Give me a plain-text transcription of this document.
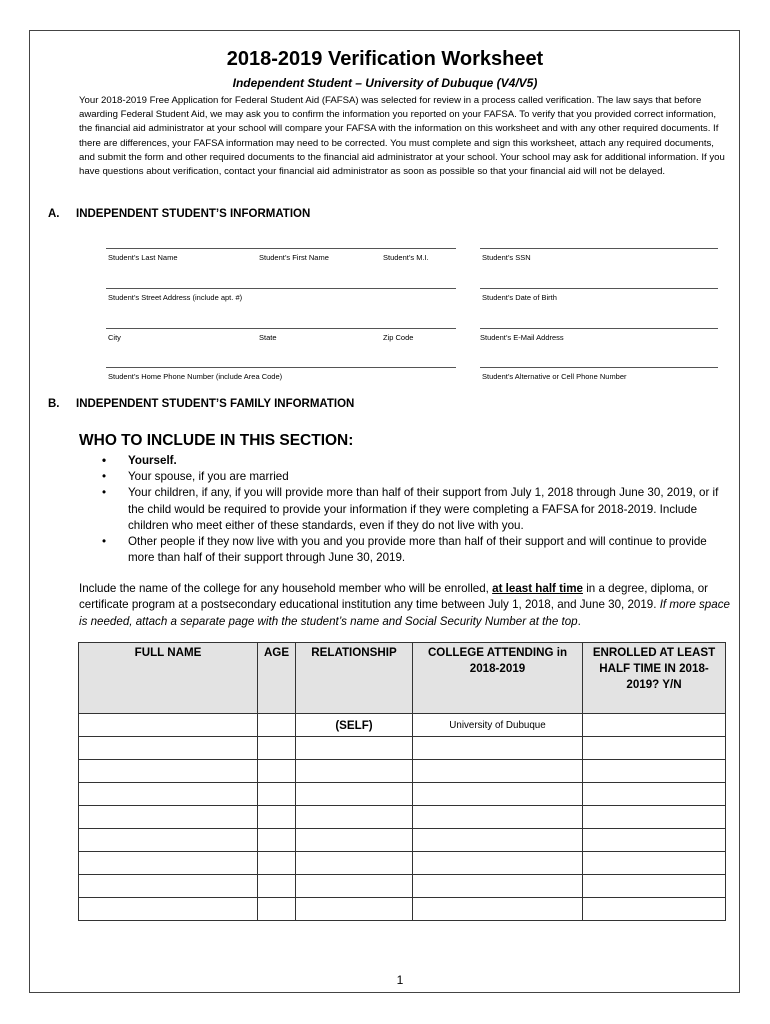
2018-2019 Verification Worksheet
Independent Student – University of Dubuque (V4/V5)
Your 2018-2019 Free Application for Federal Student Aid (FAFSA) was selected for review in a process called verification. The law says that before awarding Federal Student Aid, we may ask you to confirm the information you reported on your FAFSA. To verify that you provided correct information, the financial aid administrator at your school will compare your FAFSA with the information on this worksheet and with any other required documents. If there are differences, your FAFSA information may need to be corrected. You must complete and sign this worksheet, attach any required documents, and submit the form and other required documents to the financial aid administrator at your school. Your school may ask for additional information. If you have questions about verification, contact your financial aid administrator as soon as possible so that your financial aid will not be delayed.
A. INDEPENDENT STUDENT’S INFORMATION
Student’s Last Name	Student’s First Name	Student’s M.I.	Student’s SSN
Student’s Street Address (include apt. #)	Student’s Date of Birth
City	State	Zip Code	Student’s E-Mail Address
Student’s Home Phone Number (include Area Code)	Student’s Alternative or Cell Phone Number
B. INDEPENDENT STUDENT’S FAMILY INFORMATION
WHO TO INCLUDE IN THIS SECTION:
• Yourself.
• Your spouse, if you are married
• Your children, if any, if you will provide more than half of their support from July 1, 2018 through June 30, 2019, or if the child would be required to provide your information if they were completing a FAFSA for 2018-2019. Include children who meet either of these standards, even if they do not live with you.
• Other people if they now live with you and you provide more than half of their support and will continue to provide more than half of their support through June 30, 2019.
Include the name of the college for any household member who will be enrolled, at least half time in a degree, diploma, or certificate program at a postsecondary educational institution any time between July 1, 2018, and June 30, 2019. If more space is needed, attach a separate page with the student’s name and Social Security Number at the top.
FULL NAME	AGE	RELATIONSHIP	COLLEGE ATTENDING in 2018-2019	ENROLLED AT LEAST HALF TIME IN 2018-2019? Y/N
		(SELF)	University of Dubuque	

1
